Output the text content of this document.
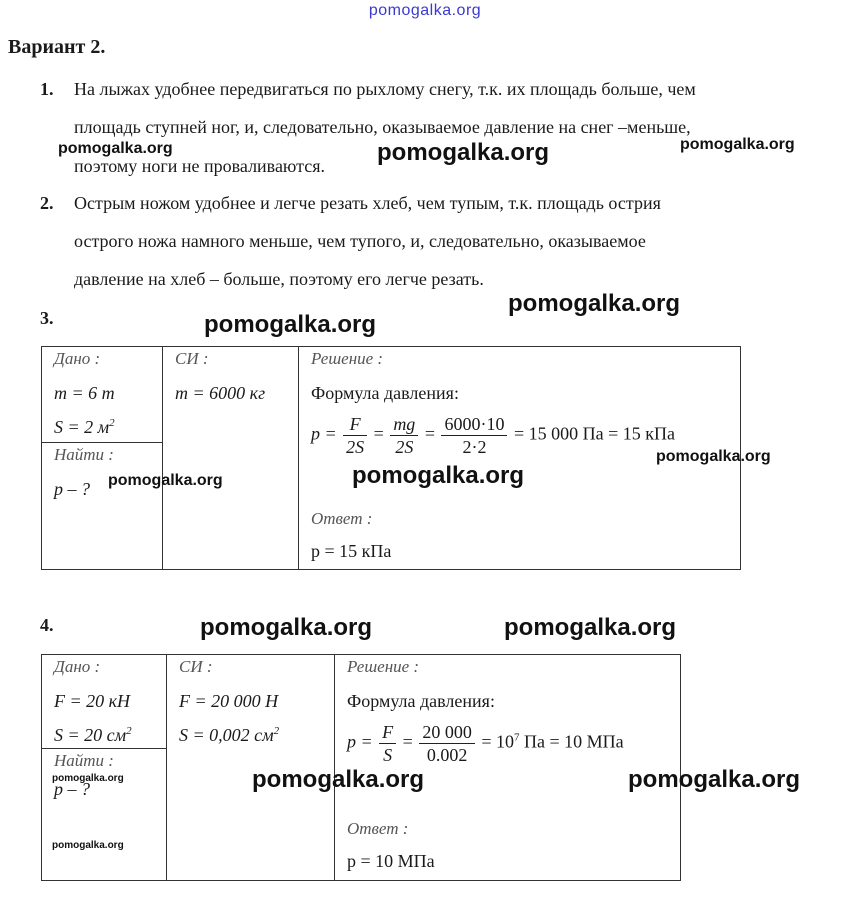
pomogalka.org
Вариант 2.
1. На лыжах удобнее передвигаться по рыхлому снегу, т.к. их площадь больше, чем
площадь ступней ног, и, следовательно, оказываемое давление на снег –меньше,
поэтому ноги не проваливаются.
2. Острым ножом удобнее и легче резать хлеб, чем тупым, т.к. площадь острия
острого ножа намного меньше, чем тупого, и, следовательно, оказываемое
давление на хлеб – больше, поэтому его легче резать.
3.
Дано :
m = 6 т
S = 2 $м^2$

СИ :
m = 6000 кг

Решение :
Формула давления:
$p = \frac{F}{2S} = \frac{mg}{2S} = \frac{6000\cdot 10}{2\cdot 2} = 15$ 000 Па = 15 кПа
Ответ :
p = 15 кПа

Найти :
p – ?
4.
Дано :
F = 20 кН
S = 20 $см^2$

СИ :
F = 20 000 Н
S = 0,002 $см^2$

Решение :
Формула давления:
$p = \frac{F}{S} = \frac{20 000}{0.002} = 10^7$ Па = 10 МПа
Ответ :
p = 10 МПа

Найти :
p – ?
pomogalka.org	pomogalka.org	pomogalka.org
pomogalka.org
pomogalka.org
pomogalka.org
pomogalka.org
pomogalka.org
pomogalka.org	pomogalka.org
pomogalka.org	pomogalka.org
pomogalka.org
pomogalka.org
